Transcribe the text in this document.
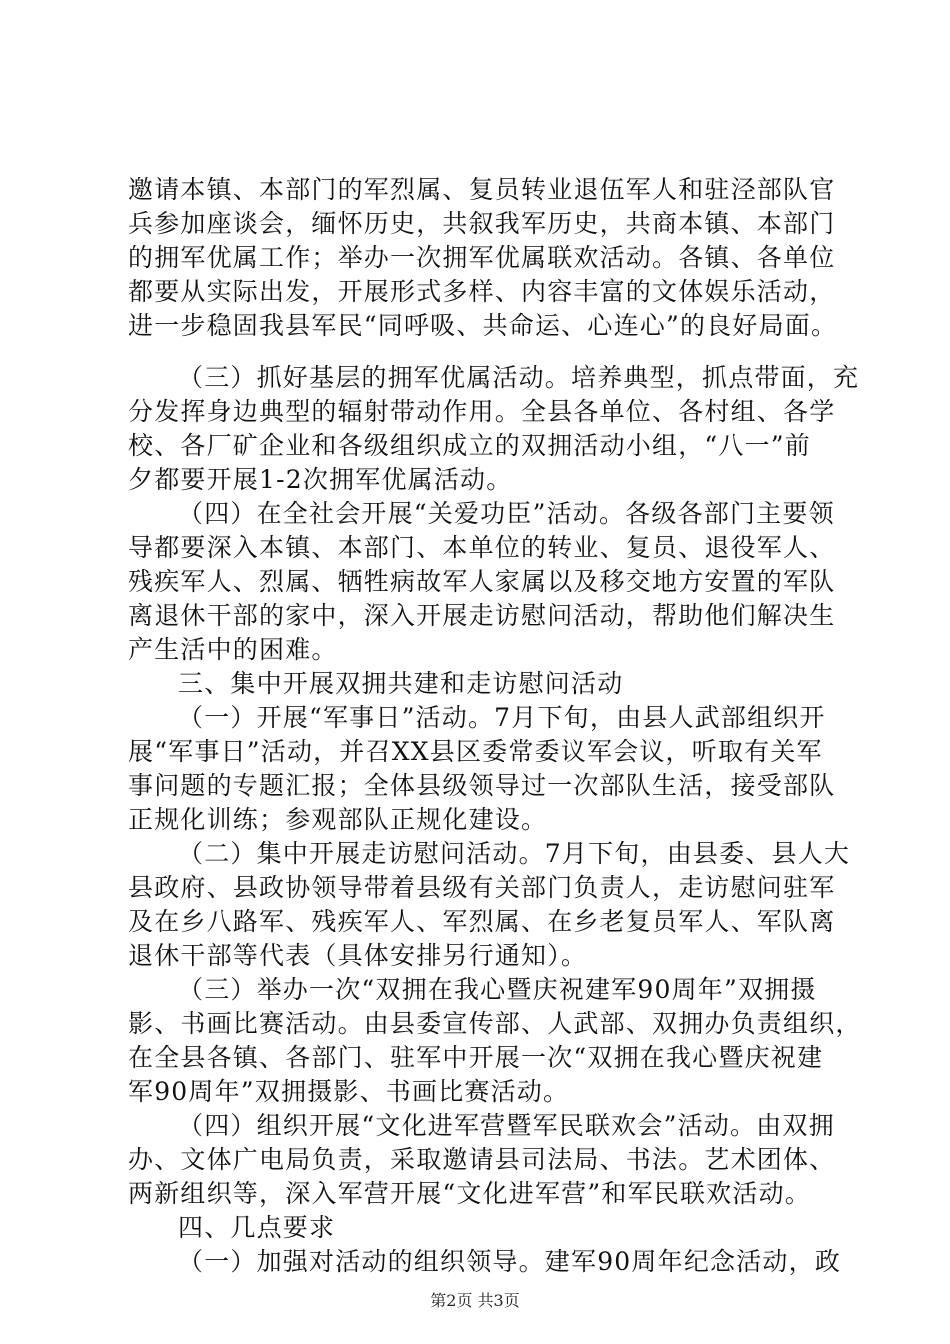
邀请本镇、本部门的军烈属、复员转业退伍军人和驻泾部队官
兵参加座谈会，缅怀历史，共叙我军历史，共商本镇、本部门
的拥军优属工作；举办一次拥军优属联欢活动。各镇、各单位
都要从实际出发，开展形式多样、内容丰富的文体娱乐活动，
进一步稳固我县军民“同呼吸、共命运、心连心”的良好局面。
（三）抓好基层的拥军优属活动。培养典型，抓点带面，充
分发挥身边典型的辐射带动作用。全县各单位、各村组、各学
校、各厂矿企业和各级组织成立的双拥活动小组，“八一”前
夕都要开展1-2次拥军优属活动。
（四）在全社会开展“关爱功臣”活动。各级各部门主要领
导都要深入本镇、本部门、本单位的转业、复员、退役军人、
残疾军人、烈属、牺牲病故军人家属以及移交地方安置的军队
离退休干部的家中，深入开展走访慰问活动，帮助他们解决生
产生活中的困难。
三、集中开展双拥共建和走访慰问活动
（一）开展“军事日”活动。7月下旬，由县人武部组织开
展“军事日”活动，并召XX县区委常委议军会议，听取有关军
事问题的专题汇报；全体县级领导过一次部队生活，接受部队
正规化训练；参观部队正规化建设。
（二）集中开展走访慰问活动。7月下旬，由县委、县人大
县政府、县政协领导带着县级有关部门负责人，走访慰问驻军
及在乡八路军、残疾军人、军烈属、在乡老复员军人、军队离
退休干部等代表（具体安排另行通知）。
（三）举办一次“双拥在我心暨庆祝建军90周年”双拥摄
影、书画比赛活动。由县委宣传部、人武部、双拥办负责组织，
在全县各镇、各部门、驻军中开展一次“双拥在我心暨庆祝建
军90周年”双拥摄影、书画比赛活动。
（四）组织开展“文化进军营暨军民联欢会”活动。由双拥
办、文体广电局负责，采取邀请县司法局、书法。艺术团体、
两新组织等，深入军营开展“文化进军营”和军民联欢活动。
四、几点要求
（一）加强对活动的组织领导。建军90周年纪念活动，政
第2页 共3页
